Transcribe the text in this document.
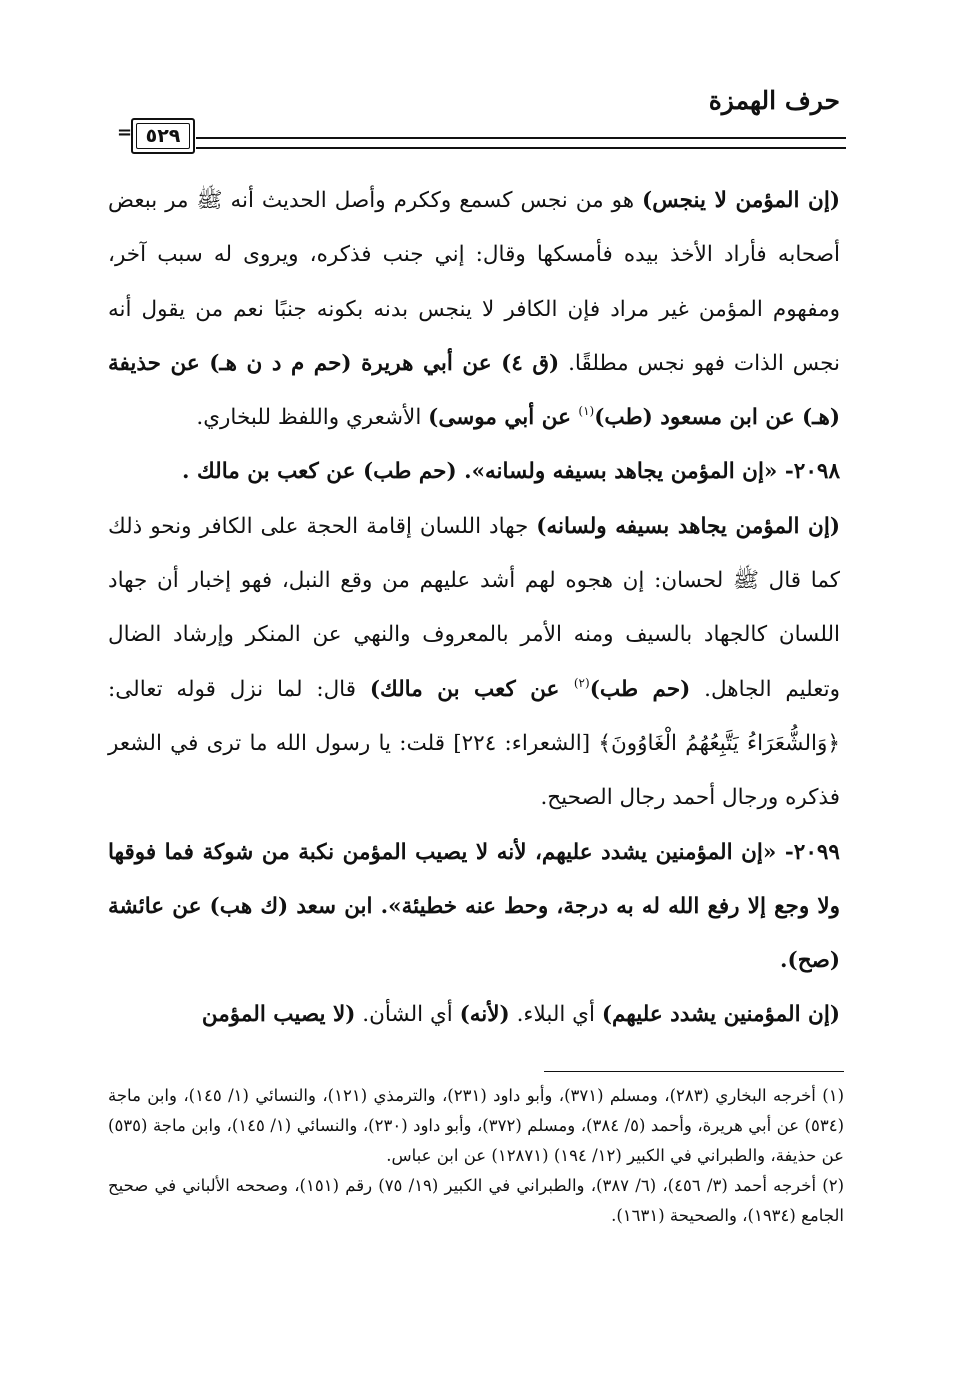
حرف الهمزة
= ٥٢٩

(إن المؤمن لا ينجس) هو من نجس كسمع وككرم وأصل الحديث أنه ﷺ مر ببعض أصحابه فأراد الأخذ بيده فأمسكها وقال: إني جنب فذكره، ويروى له سبب آخر، ومفهوم المؤمن غير مراد فإن الكافر لا ينجس بدنه بكونه جنبًا نعم من يقول أنه نجس الذات فهو نجس مطلقًا. (ق ٤) عن أبي هريرة (حم م د ن هـ) عن حذيفة (هـ) عن ابن مسعود (طب)$^{(١)}$ عن أبي موسى) الأشعري واللفظ للبخاري.

٢٠٩٨- «إن المؤمن يجاهد بسيفه ولسانه». (حم طب) عن كعب بن مالك .

(إن المؤمن يجاهد بسيفه ولسانه) جهاد اللسان إقامة الحجة على الكافر ونحو ذلك كما قال ﷺ لحسان: إن هجوه لهم أشد عليهم من وقع النبل، فهو إخبار أن جهاد اللسان كالجهاد بالسيف ومنه الأمر بالمعروف والنهي عن المنكر وإرشاد الضال وتعليم الجاهل. (حم طب)$^{(٢)}$ عن كعب بن مالك) قال: لما نزل قوله تعالى: ﴿وَالشُّعَرَاءُ يَتَّبِعُهُمُ الْغَاوُونَ﴾ [الشعراء: ٢٢٤] قلت: يا رسول الله ما ترى في الشعر فذكره ورجال أحمد رجال الصحيح.

٢٠٩٩- «إن المؤمنين يشدد عليهم، لأنه لا يصيب المؤمن نكبة من شوكة فما فوقها ولا وجع إلا رفع الله له به درجة، وحط عنه خطيئة». ابن سعد (ك هب) عن عائشة (صح).

(إن المؤمنين يشدد عليهم) أي البلاء. (لأنه) أي الشأن. (لا يصيب المؤمن

(١) أخرجه البخاري (٢٨٣)، ومسلم (٣٧١)، وأبو داود (٢٣١)، والترمذي (١٢١)، والنسائي (١/ ١٤٥)، وابن ماجة (٥٣٤) عن أبي هريرة، وأحمد (٥/ ٣٨٤)، ومسلم (٣٧٢)، وأبو داود (٢٣٠)، والنسائي (١/ ١٤٥)، وابن ماجة (٥٣٥) عن حذيفة، والطبراني في الكبير (١٢/ ١٩٤) (١٢٨٧١) عن ابن عباس.

(٢) أخرجه أحمد (٣/ ٤٥٦)، (٦/ ٣٨٧)، والطبراني في الكبير (١٩/ ٧٥) رقم (١٥١)، وصححه الألباني في صحيح الجامع (١٩٣٤)، والصحيحة (١٦٣١).
